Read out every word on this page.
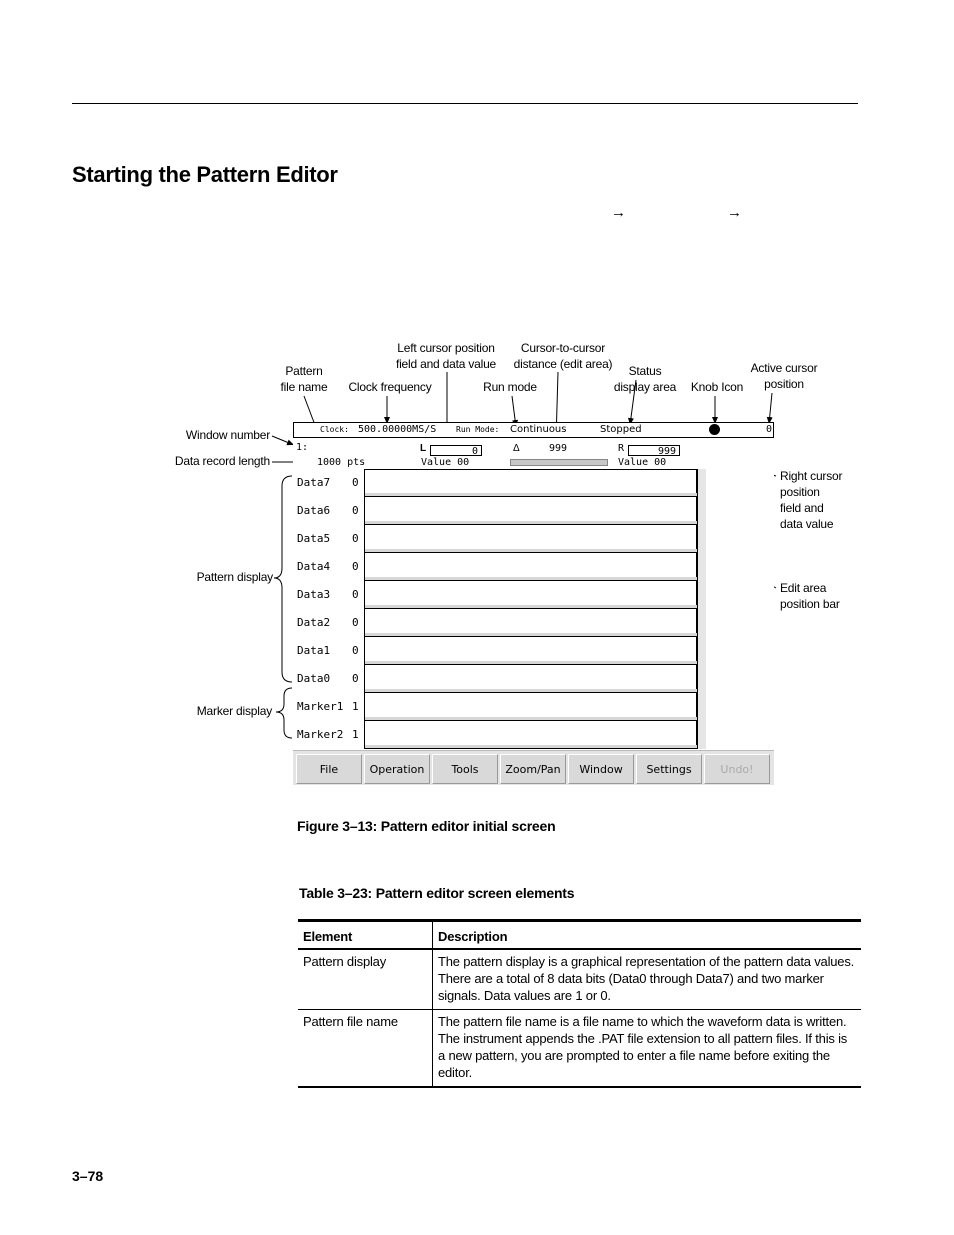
Starting the Pattern Editor
→	→
Pattern
file name	Clock frequency
Left cursor position
field and data value
Run mode
Cursor-to-cursor
distance (edit area)	Status
display area	Knob Icon
Active cursor
position
Window number
Data record length
Pattern display
Marker display
Right cursor
position
field and
data value
Edit area
position bar
Clock: 500.00000MS/S Run Mode: Continuous	Stopped	0
1:
1000 pts
L	0
Value 00
Δ	999	R	999
Value 00
Data7 0
Data6 0
Data5 0
Data4 0
Data3 0
Data2 0
Data1 0
Data0 0
Marker1 1
Marker2 1
File	Operation	Tools	Zoom/Pan	Window	Settings	Undo!
Figure 3–13: Pattern editor initial screen
Table 3–23: Pattern editor screen elements
Element	Description
Pattern display	The pattern display is a graphical representation of the pattern data values. There are a total of 8 data bits (Data0 through Data7) and two marker signals. Data values are 1 or 0.
Pattern file name	The pattern file name is a file name to which the waveform data is written. The instrument appends the .PAT file extension to all pattern files. If this is a new pattern, you are prompted to enter a file name before exiting the editor.
3–78
